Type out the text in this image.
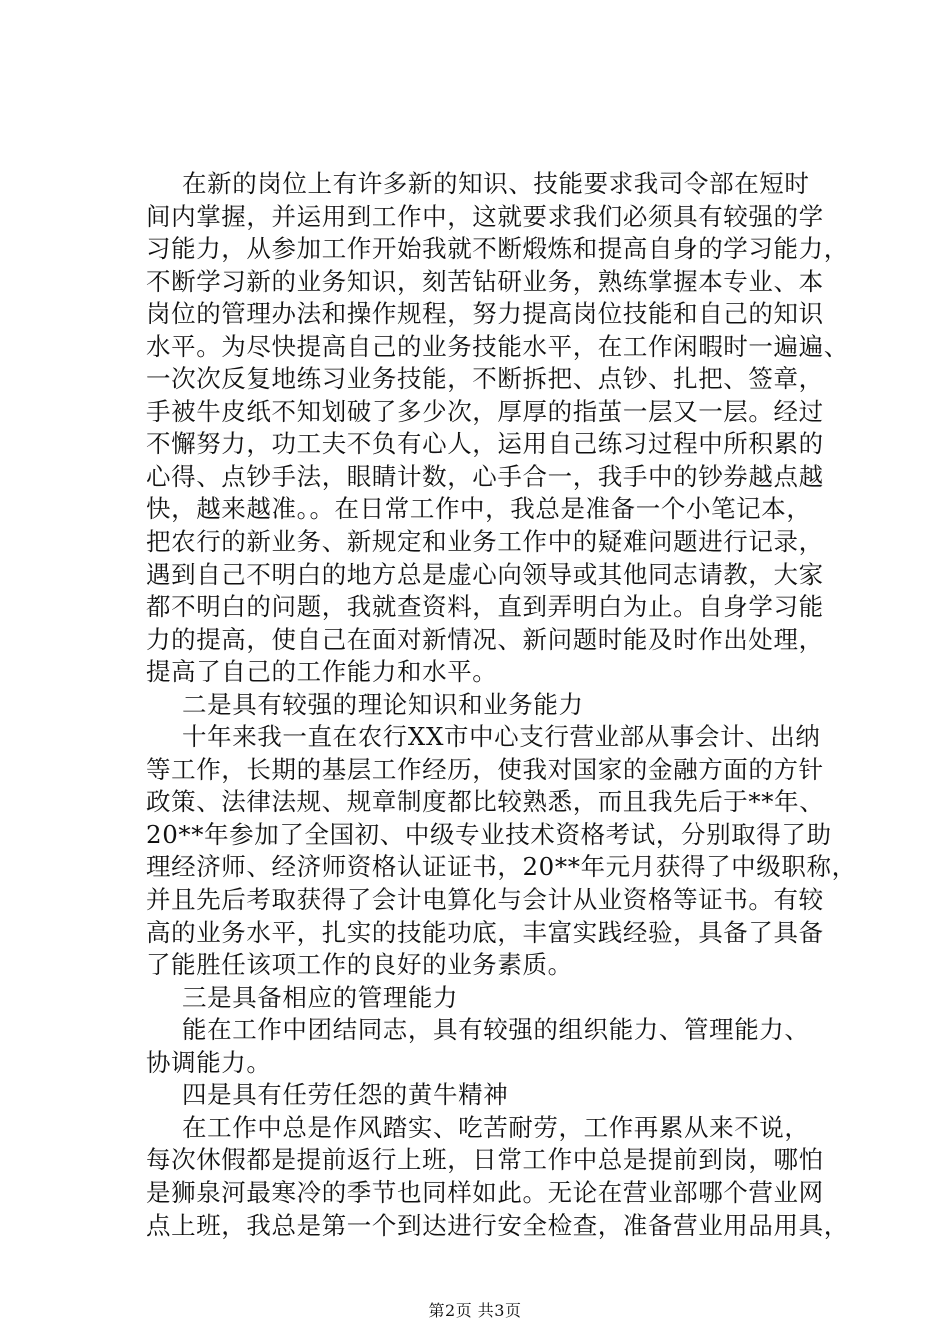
在新的岗位上有许多新的知识、技能要求我司令部在短时
间内掌握，并运用到工作中，这就要求我们必须具有较强的学
习能力，从参加工作开始我就不断煅炼和提高自身的学习能力，
不断学习新的业务知识，刻苦钻研业务，熟练掌握本专业、本
岗位的管理办法和操作规程，努力提高岗位技能和自己的知识
水平。为尽快提高自己的业务技能水平，在工作闲暇时一遍遍、
一次次反复地练习业务技能，不断拆把、点钞、扎把、签章，
手被牛皮纸不知划破了多少次，厚厚的指茧一层又一层。经过
不懈努力，功工夫不负有心人，运用自己练习过程中所积累的
心得、点钞手法，眼睛计数，心手合一，我手中的钞券越点越
快，越来越准。。在日常工作中，我总是准备一个小笔记本，
把农行的新业务、新规定和业务工作中的疑难问题进行记录，
遇到自己不明白的地方总是虚心向领导或其他同志请教，大家
都不明白的问题，我就查资料，直到弄明白为止。自身学习能
力的提高，使自己在面对新情况、新问题时能及时作出处理，
提高了自己的工作能力和水平。
二是具有较强的理论知识和业务能力
十年来我一直在农行XX市中心支行营业部从事会计、出纳
等工作，长期的基层工作经历，使我对国家的金融方面的方针
政策、法律法规、规章制度都比较熟悉，而且我先后于**年、
20**年参加了全国初、中级专业技术资格考试，分别取得了助
理经济师、经济师资格认证证书，20**年元月获得了中级职称，
并且先后考取获得了会计电算化与会计从业资格等证书。有较
高的业务水平，扎实的技能功底，丰富实践经验，具备了具备
了能胜任该项工作的良好的业务素质。
三是具备相应的管理能力
能在工作中团结同志，具有较强的组织能力、管理能力、
协调能力。
四是具有任劳任怨的黄牛精神
在工作中总是作风踏实、吃苦耐劳，工作再累从来不说，
每次休假都是提前返行上班，日常工作中总是提前到岗，哪怕
是狮泉河最寒冷的季节也同样如此。无论在营业部哪个营业网
点上班，我总是第一个到达进行安全检查，准备营业用品用具，
第2页 共3页
